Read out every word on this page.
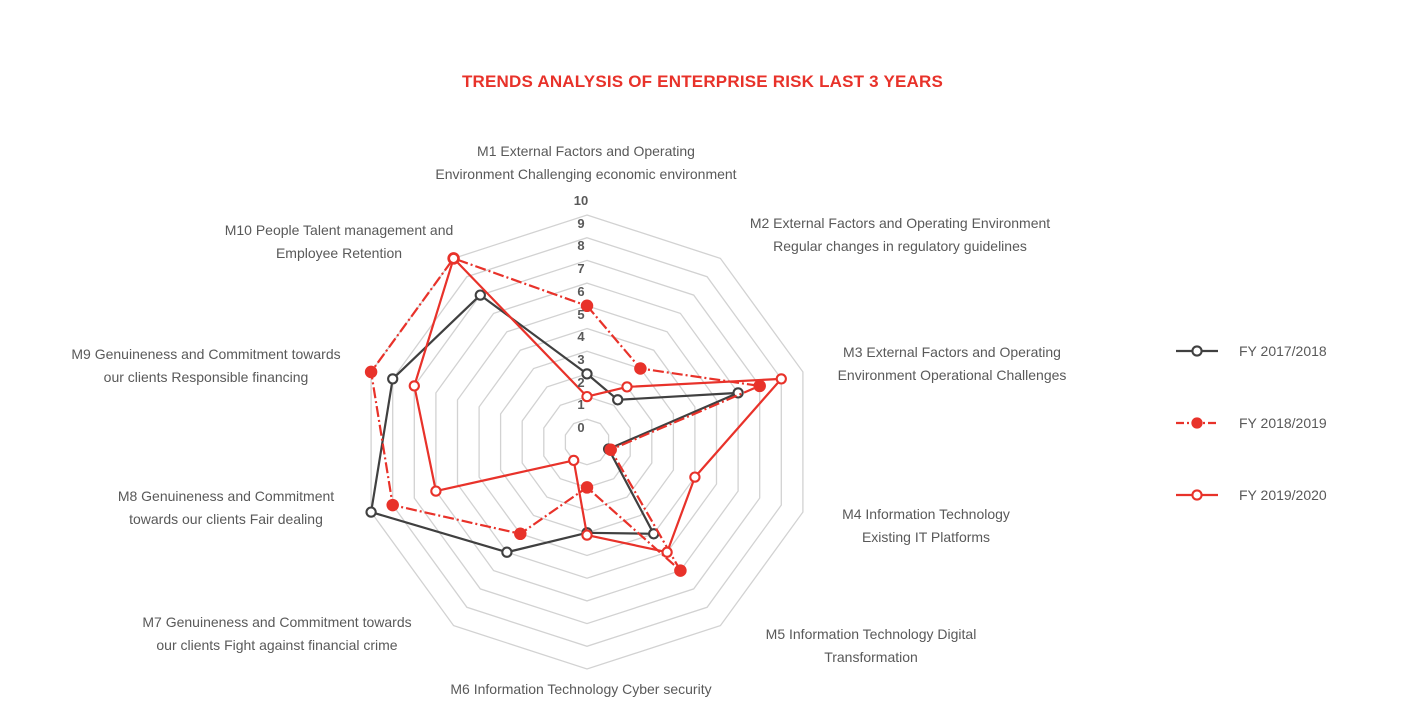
TRENDS ANALYSIS OF ENTERPRISE RISK LAST 3 YEARS
0
1
2
3
4
5
6
7
8
9
10
M1 External Factors and Operating
Environment Challenging economic environment
M2 External Factors and Operating Environment
Regular changes in regulatory guidelines
M3 External Factors and Operating
Environment Operational Challenges
M4 Information Technology
Existing IT Platforms
M5 Information Technology Digital
Transformation
M6 Information Technology Cyber security
M7 Genuineness and Commitment towards
our clients Fight against financial crime
M8 Genuineness and Commitment
towards our clients Fair dealing
M9 Genuineness and Commitment towards
our clients Responsible financing
M10 People Talent management and
Employee Retention
FY 2017/2018
FY 2018/2019
FY 2019/2020
